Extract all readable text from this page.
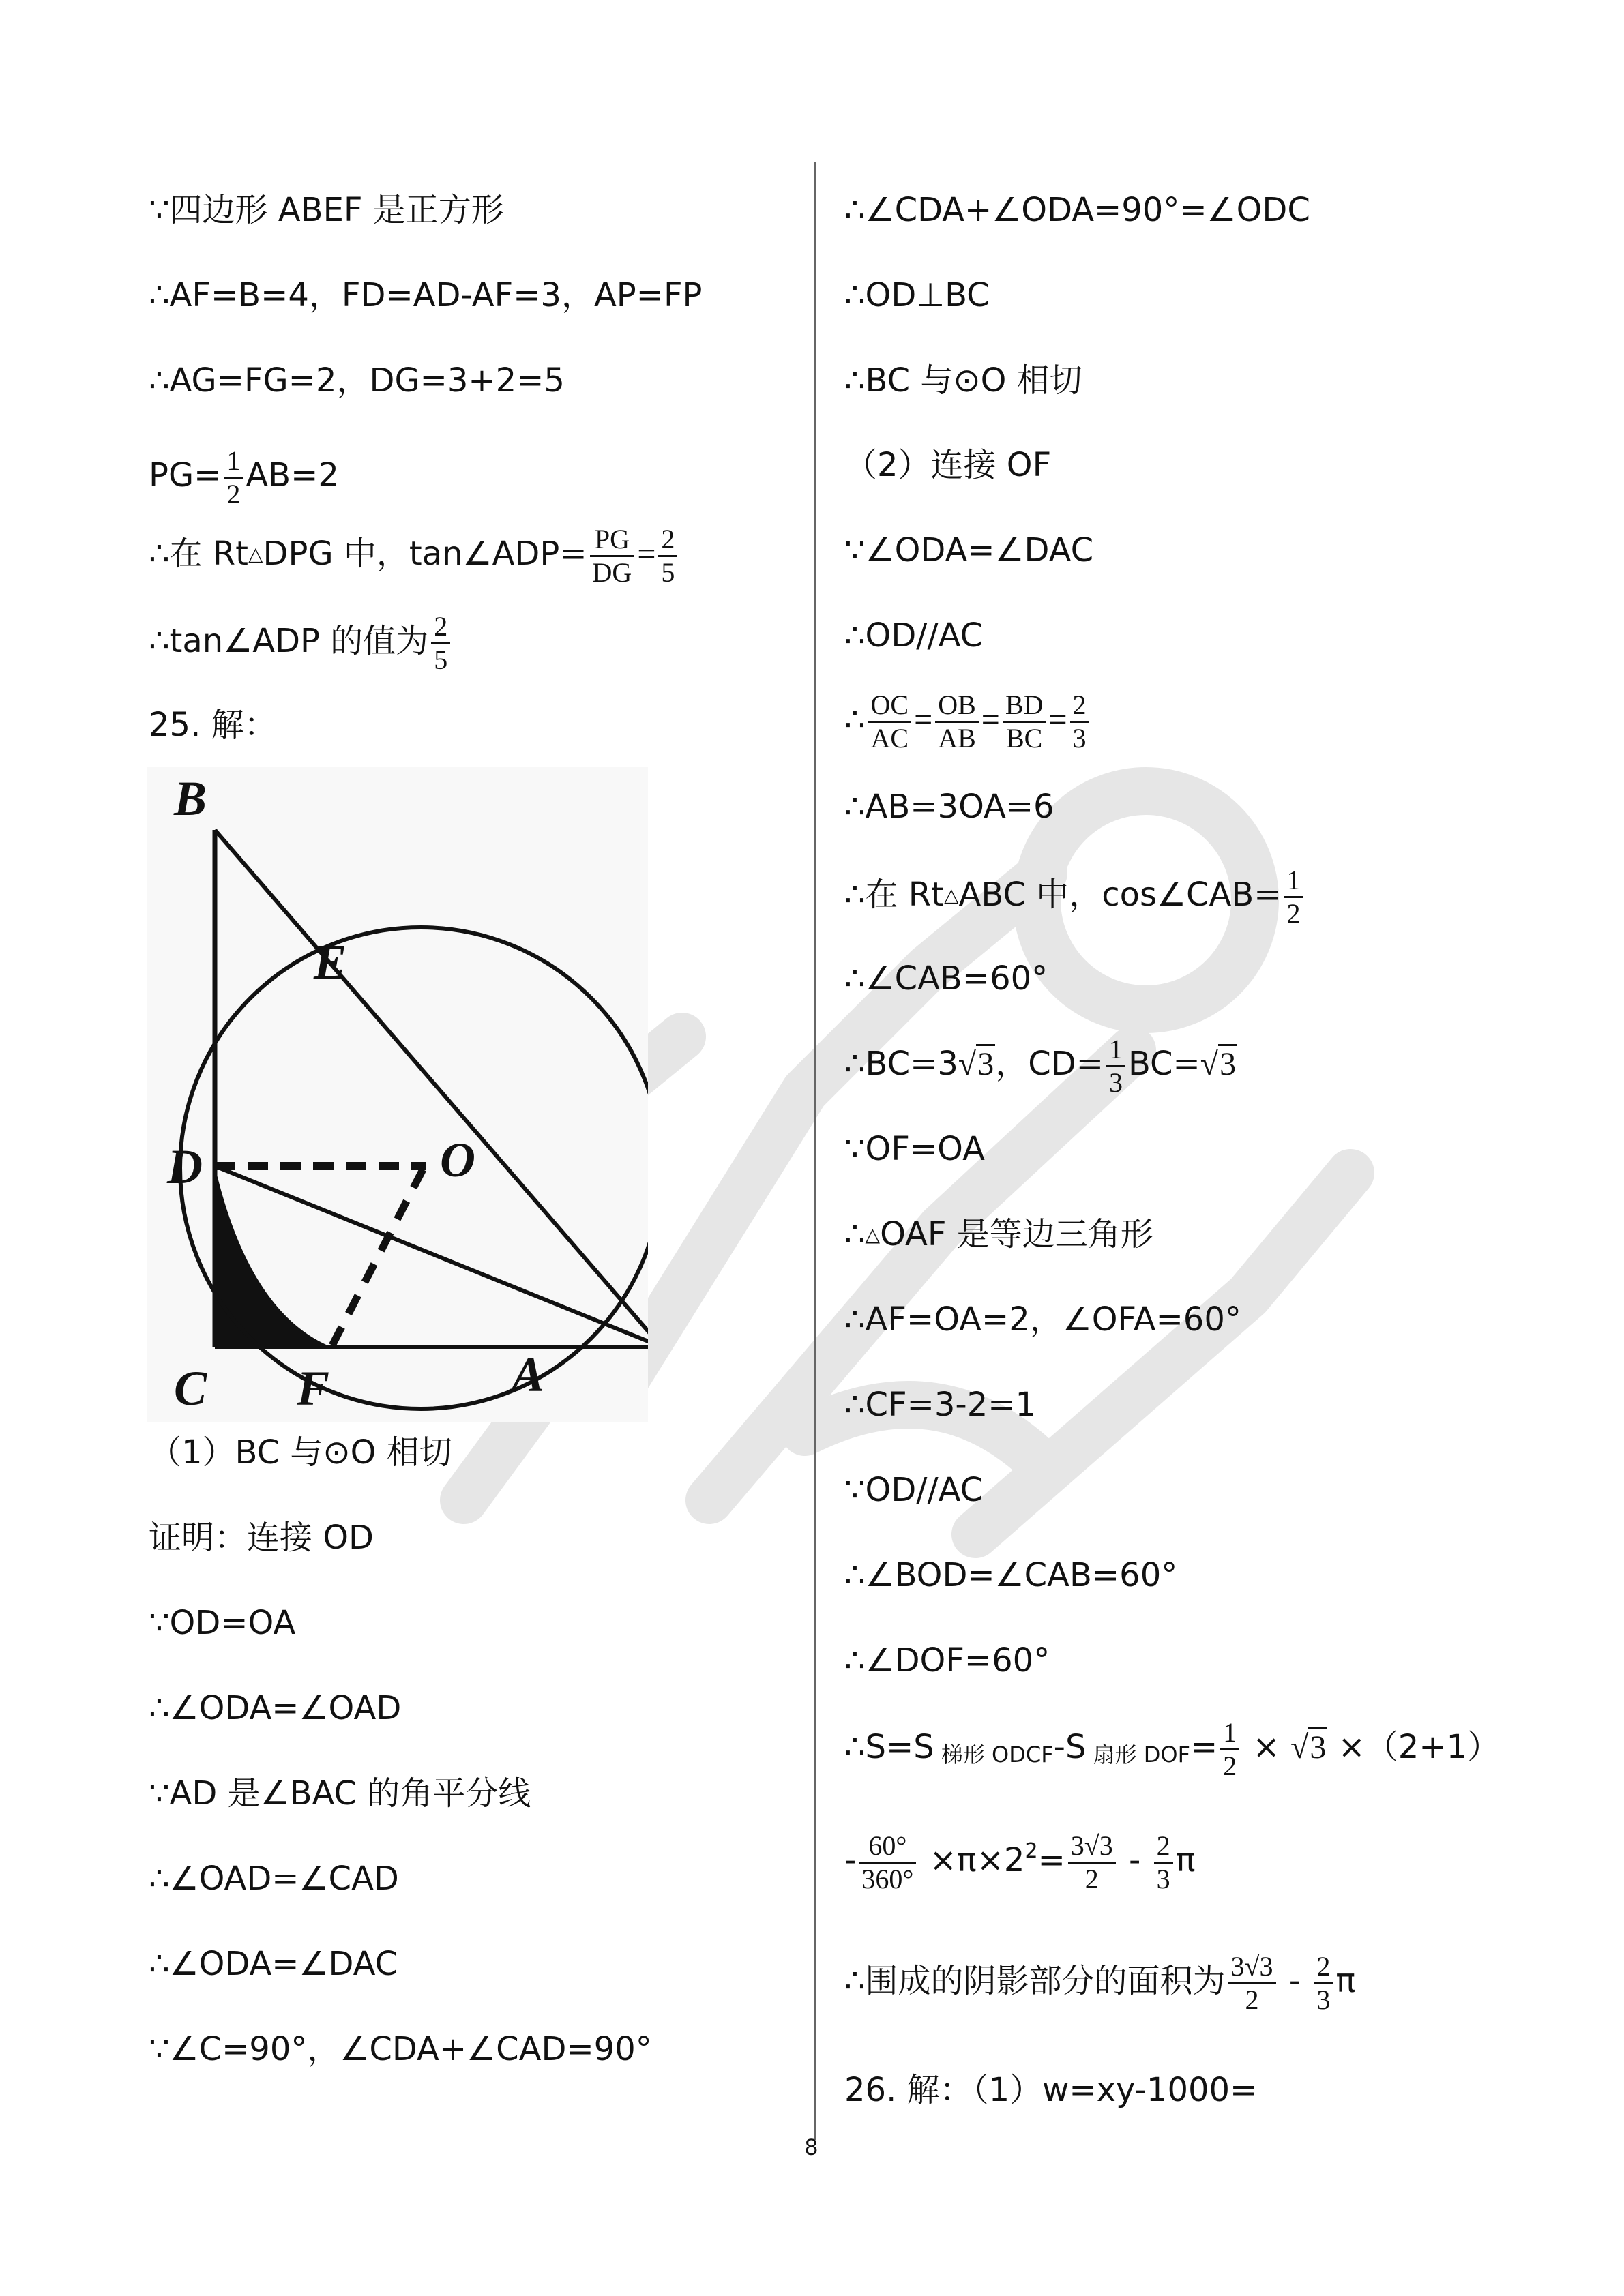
∵四边形 ABEF 是正方形
∴AF=B=4，FD=AD-AF=3，AP=FP
∴AG=FG=2，DG=3+2=5
$PG= \frac{1}{2} AB=2$
∴在 Rt△DPG 中，tan∠ADP= $\frac{PG}{DG} = \frac{2}{5}$
∴tan∠ADP 的值为 $\frac{2}{5}$
25. 解：
B
E
D	O
C F	A
（1）BC 与⊙O 相切
证明：连接 OD
∵OD=OA
∴∠ODA=∠OAD
∵AD 是∠BAC 的角平分线
∴∠OAD=∠CAD
∴∠ODA=∠DAC
∵∠C=90°，∠CDA+∠CAD=90°
∴∠CDA+∠ODA=90°=∠ODC
∴OD⊥BC
∴BC 与⊙O 相切
（2）连接 OF
∵∠ODA=∠DAC
∴OD//AC
∴ $\frac{OC}{AC} = \frac{OB}{AB} = \frac{BD}{BC} = \frac{2}{3}$
∴AB=3OA=6
∴在 Rt△ABC 中，cos∠CAB= $\frac{1}{2}$
∴∠CAB=60°
∴BC=3√3，$CD= \frac{1}{3} BC=√3$
∵OF=OA
∴△OAF 是等边三角形
∴AF=OA=2，∠OFA=60°
∴CF=3-2=1
∵OD//AC
∴∠BOD=∠CAB=60°
∴∠DOF=60°
∴S=S 梯形 ODCF-S 扇形 $DOF= \frac{1}{2} \times √3 \times(2+1)$
- $\frac{60^\circ}{360^\circ} \times\pi\times 2^2= \frac{3√3}{2} - \frac{2}{3}$ π
∴围成的阴影部分的面积为 $\frac{3√3}{2} - \frac{2}{3}$ π
26. 解：（1）w=xy-1000=
8
